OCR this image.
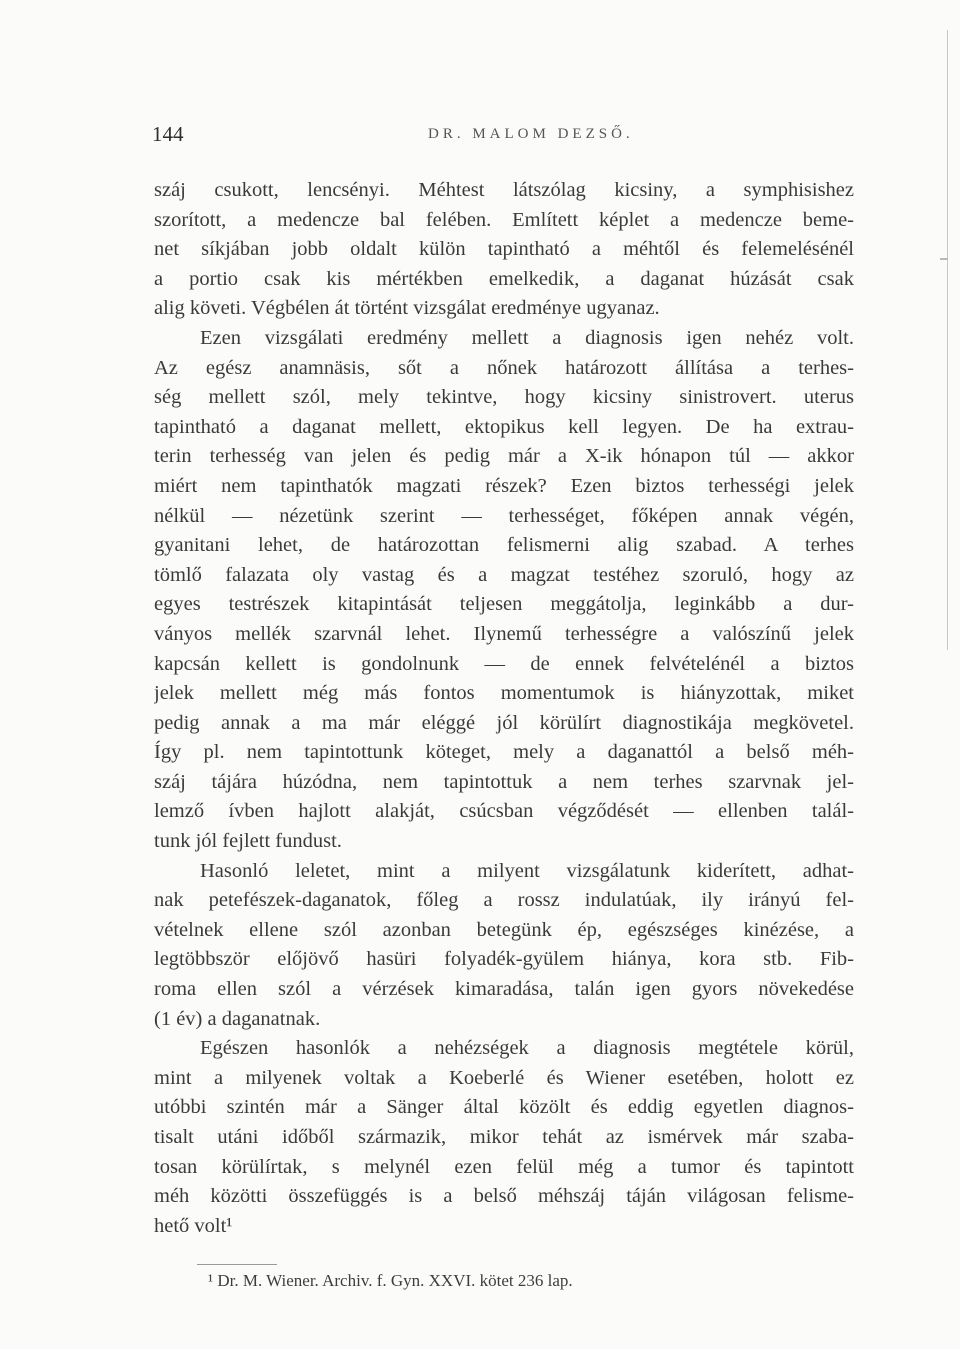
144	DR. MALOM DEZSŐ.
száj csukott, lencsényi. Méhtest látszólag kicsiny, a symphisishez
szorított, a medencze bal felében. Említett képlet a medencze beme-
net síkjában jobb oldalt külön tapintható a méhtől és felemelésénél
a portio csak kis mértékben emelkedik, a daganat húzását csak
alig követi. Végbélen át történt vizsgálat eredménye ugyanaz.
Ezen vizsgálati eredmény mellett a diagnosis igen nehéz volt.
Az egész anamnäsis, sőt a nőnek határozott állítása a terhes-
ség mellett szól, mely tekintve, hogy kicsiny sinistrovert. uterus
tapintható a daganat mellett, ektopikus kell legyen. De ha extrau-
terin terhesség van jelen és pedig már a X-ik hónapon túl — akkor
miért nem tapinthatók magzati részek? Ezen biztos terhességi jelek
nélkül — nézetünk szerint — terhességet, főképen annak végén,
gyanitani lehet, de határozottan felismerni alig szabad. A terhes
tömlő falazata oly vastag és a magzat testéhez szoruló, hogy az
egyes testrészek kitapintását teljesen meggátolja, leginkább a dur-
ványos mellék szarvnál lehet. Ilynemű terhességre a valószínű jelek
kapcsán kellett is gondolnunk — de ennek felvételénél a biztos
jelek mellett még más fontos momentumok is hiányzottak, miket
pedig annak a ma már eléggé jól körülírt diagnostikája megkövetel.
Így pl. nem tapintottunk köteget, mely a daganattól a belső méh-
száj tájára húzódna, nem tapintottuk a nem terhes szarvnak jel-
lemző ívben hajlott alakját, csúcsban végződését — ellenben talál-
tunk jól fejlett fundust.
Hasonló leletet, mint a milyent vizsgálatunk kiderített, adhat-
nak petefészek-daganatok, főleg a rossz indulatúak, ily irányú fel-
vételnek ellene szól azonban betegünk ép, egészséges kinézése, a
legtöbbször előjövő hasüri folyadék-gyülem hiánya, kora stb. Fib-
roma ellen szól a vérzések kimaradása, talán igen gyors növekedése
(1 év) a daganatnak.
Egészen hasonlók a nehézségek a diagnosis megtétele körül,
mint a milyenek voltak a Koeberlé és Wiener esetében, holott ez
utóbbi szintén már a Sänger által közölt és eddig egyetlen diagnos-
tisalt utáni időből származik, mikor tehát az ismérvek már szaba-
tosan körülírtak, s melynél ezen felül még a tumor és tapintott
méh közötti összefüggés is a belső méhszáj táján világosan felisme-
hető volt¹
¹ Dr. M. Wiener. Archiv. f. Gyn. XXVI. kötet 236 lap.
